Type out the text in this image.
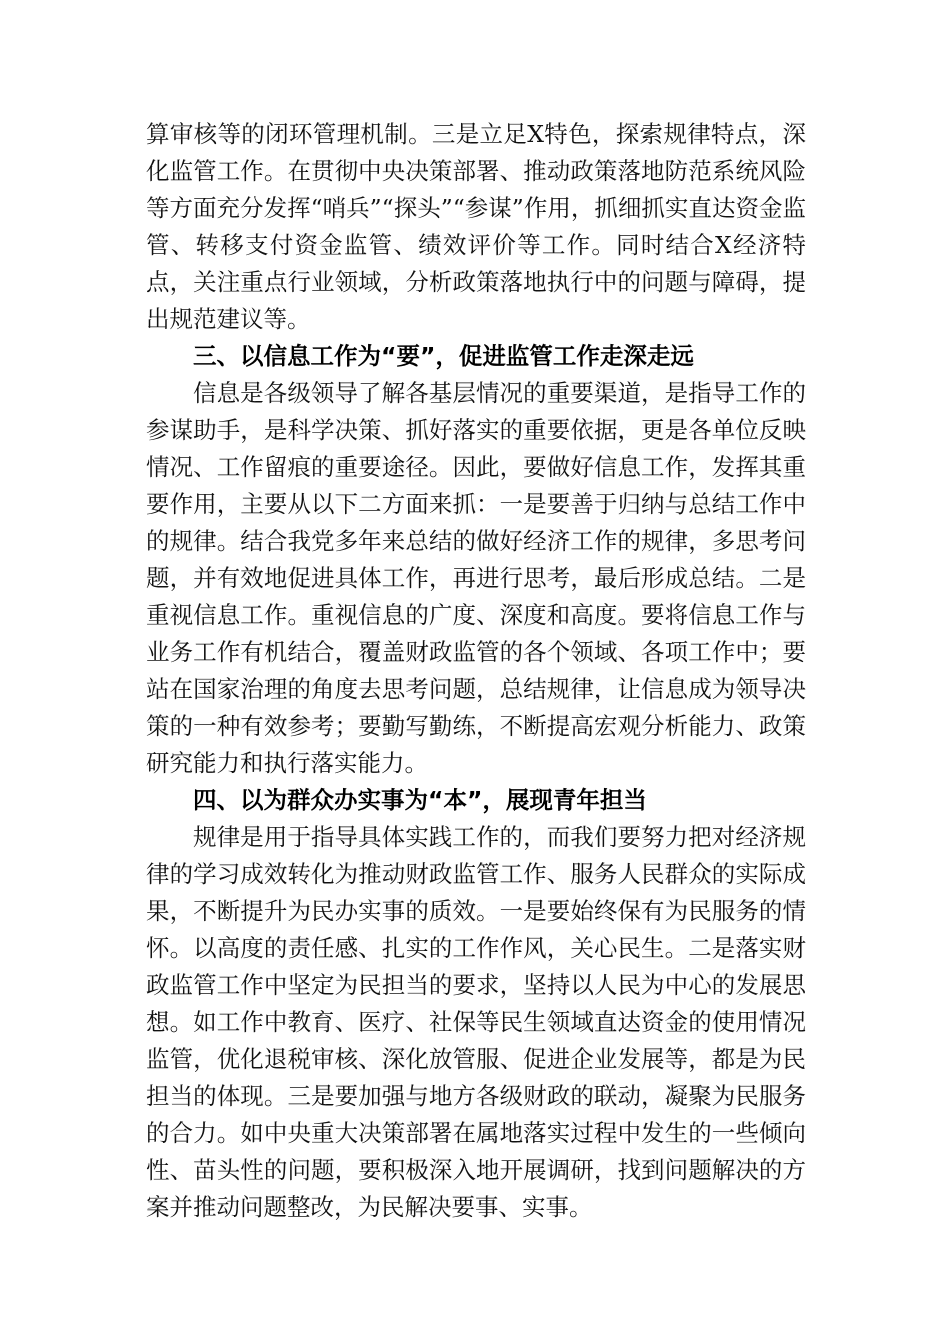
算审核等的闭环管理机制。三是立足X特色，探索规律特点，深化监管工作。在贯彻中央决策部署、推动政策落地防范系统风险等方面充分发挥“哨兵”“探头”“参谋”作用，抓细抓实直达资金监管、转移支付资金监管、绩效评价等工作。同时结合X经济特点，关注重点行业领域，分析政策落地执行中的问题与障碍，提出规范建议等。

三、以信息工作为“要”，促进监管工作走深走远

信息是各级领导了解各基层情况的重要渠道，是指导工作的参谋助手，是科学决策、抓好落实的重要依据，更是各单位反映情况、工作留痕的重要途径。因此，要做好信息工作，发挥其重要作用，主要从以下二方面来抓：一是要善于归纳与总结工作中的规律。结合我党多年来总结的做好经济工作的规律，多思考问题，并有效地促进具体工作，再进行思考，最后形成总结。二是重视信息工作。重视信息的广度、深度和高度。要将信息工作与业务工作有机结合，覆盖财政监管的各个领域、各项工作中；要站在国家治理的角度去思考问题，总结规律，让信息成为领导决策的一种有效参考；要勤写勤练，不断提高宏观分析能力、政策研究能力和执行落实能力。

四、以为群众办实事为“本”，展现青年担当

规律是用于指导具体实践工作的，而我们要努力把对经济规律的学习成效转化为推动财政监管工作、服务人民群众的实际成果，不断提升为民办实事的质效。一是要始终保有为民服务的情怀。以高度的责任感、扎实的工作作风，关心民生。二是落实财政监管工作中坚定为民担当的要求，坚持以人民为中心的发展思想。如工作中教育、医疗、社保等民生领域直达资金的使用情况监管，优化退税审核、深化放管服、促进企业发展等，都是为民担当的体现。三是要加强与地方各级财政的联动，凝聚为民服务的合力。如中央重大决策部署在属地落实过程中发生的一些倾向性、苗头性的问题，要积极深入地开展调研，找到问题解决的方案并推动问题整改，为民解决要事、实事。
